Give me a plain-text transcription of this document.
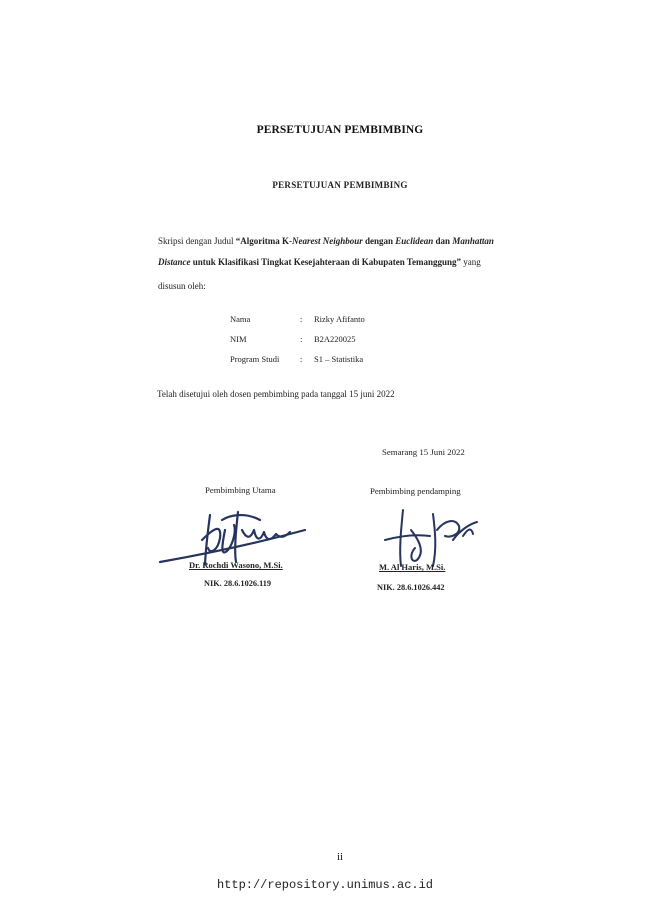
PERSETUJUAN PEMBIMBING
PERSETUJUAN PEMBIMBING
Skripsi dengan Judul “Algoritma K-Nearest Neighbour dengan Euclidean dan Manhattan
Distance untuk Klasifikasi Tingkat Kesejahteraan di Kabupaten Temanggung” yang
disusun oleh:
Nama	:	Rizky Afifanto
NIM	:	B2A220025
Program Studi	:	S1 – Statistika
Telah disetujui oleh dosen pembimbing pada tanggal 15 juni 2022
Semarang 15 Juni 2022
Pembimbing Utama	Pembimbing pendamping
Dr. Rochdi Wasono, M.Si.	M. Al Haris, M.Si.
NIK. 28.6.1026.119	NIK. 28.6.1026.442
ii
http://repository.unimus.ac.id
